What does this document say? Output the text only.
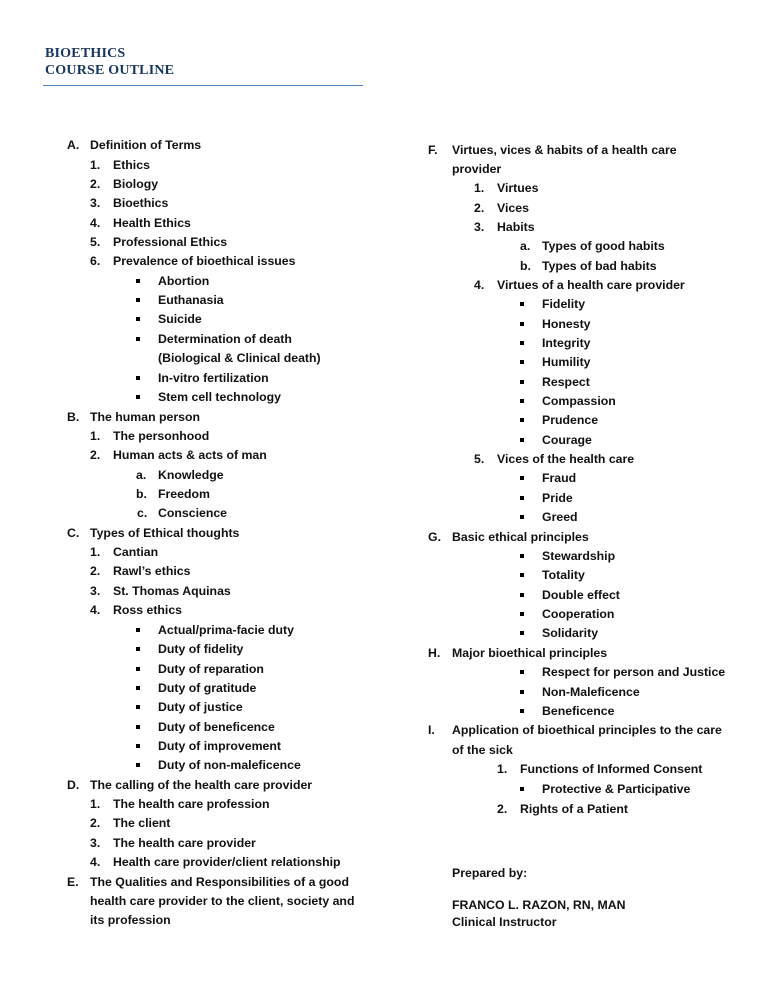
BIOETHICS
COURSE OUTLINE
A. Definition of Terms
1. Ethics
2. Biology
3. Bioethics
4. Health Ethics
5. Professional Ethics
6. Prevalence of bioethical issues
Abortion
Euthanasia
Suicide
Determination of death
(Biological & Clinical death)
In-vitro fertilization
Stem cell technology
B. The human person
1. The personhood
2. Human acts & acts of man
a. Knowledge
b. Freedom
c. Conscience
C. Types of Ethical thoughts
1. Cantian
2. Rawl’s ethics
3. St. Thomas Aquinas
4. Ross ethics
Actual/prima-facie duty
Duty of fidelity
Duty of reparation
Duty of gratitude
Duty of justice
Duty of beneficence
Duty of improvement
Duty of non-maleficence
D. The calling of the health care provider
1. The health care profession
2. The client
3. The health care provider
4. Health care provider/client relationship
E. The Qualities and Responsibilities of a good
health care provider to the client, society and
its profession
F. Virtues, vices & habits of a health care
provider
1. Virtues
2. Vices
3. Habits
a. Types of good habits
b. Types of bad habits
4. Virtues of a health care provider
Fidelity
Honesty
Integrity
Humility
Respect
Compassion
Prudence
Courage
5. Vices of the health care
Fraud
Pride
Greed
G. Basic ethical principles
Stewardship
Totality
Double effect
Cooperation
Solidarity
H. Major bioethical principles
Respect for person and Justice
Non-Maleficence
Beneficence
I. Application of bioethical principles to the care
of the sick
1. Functions of Informed Consent
Protective & Participative
2. Rights of a Patient
Prepared by:
FRANCO L. RAZON, RN, MAN
Clinical Instructor
